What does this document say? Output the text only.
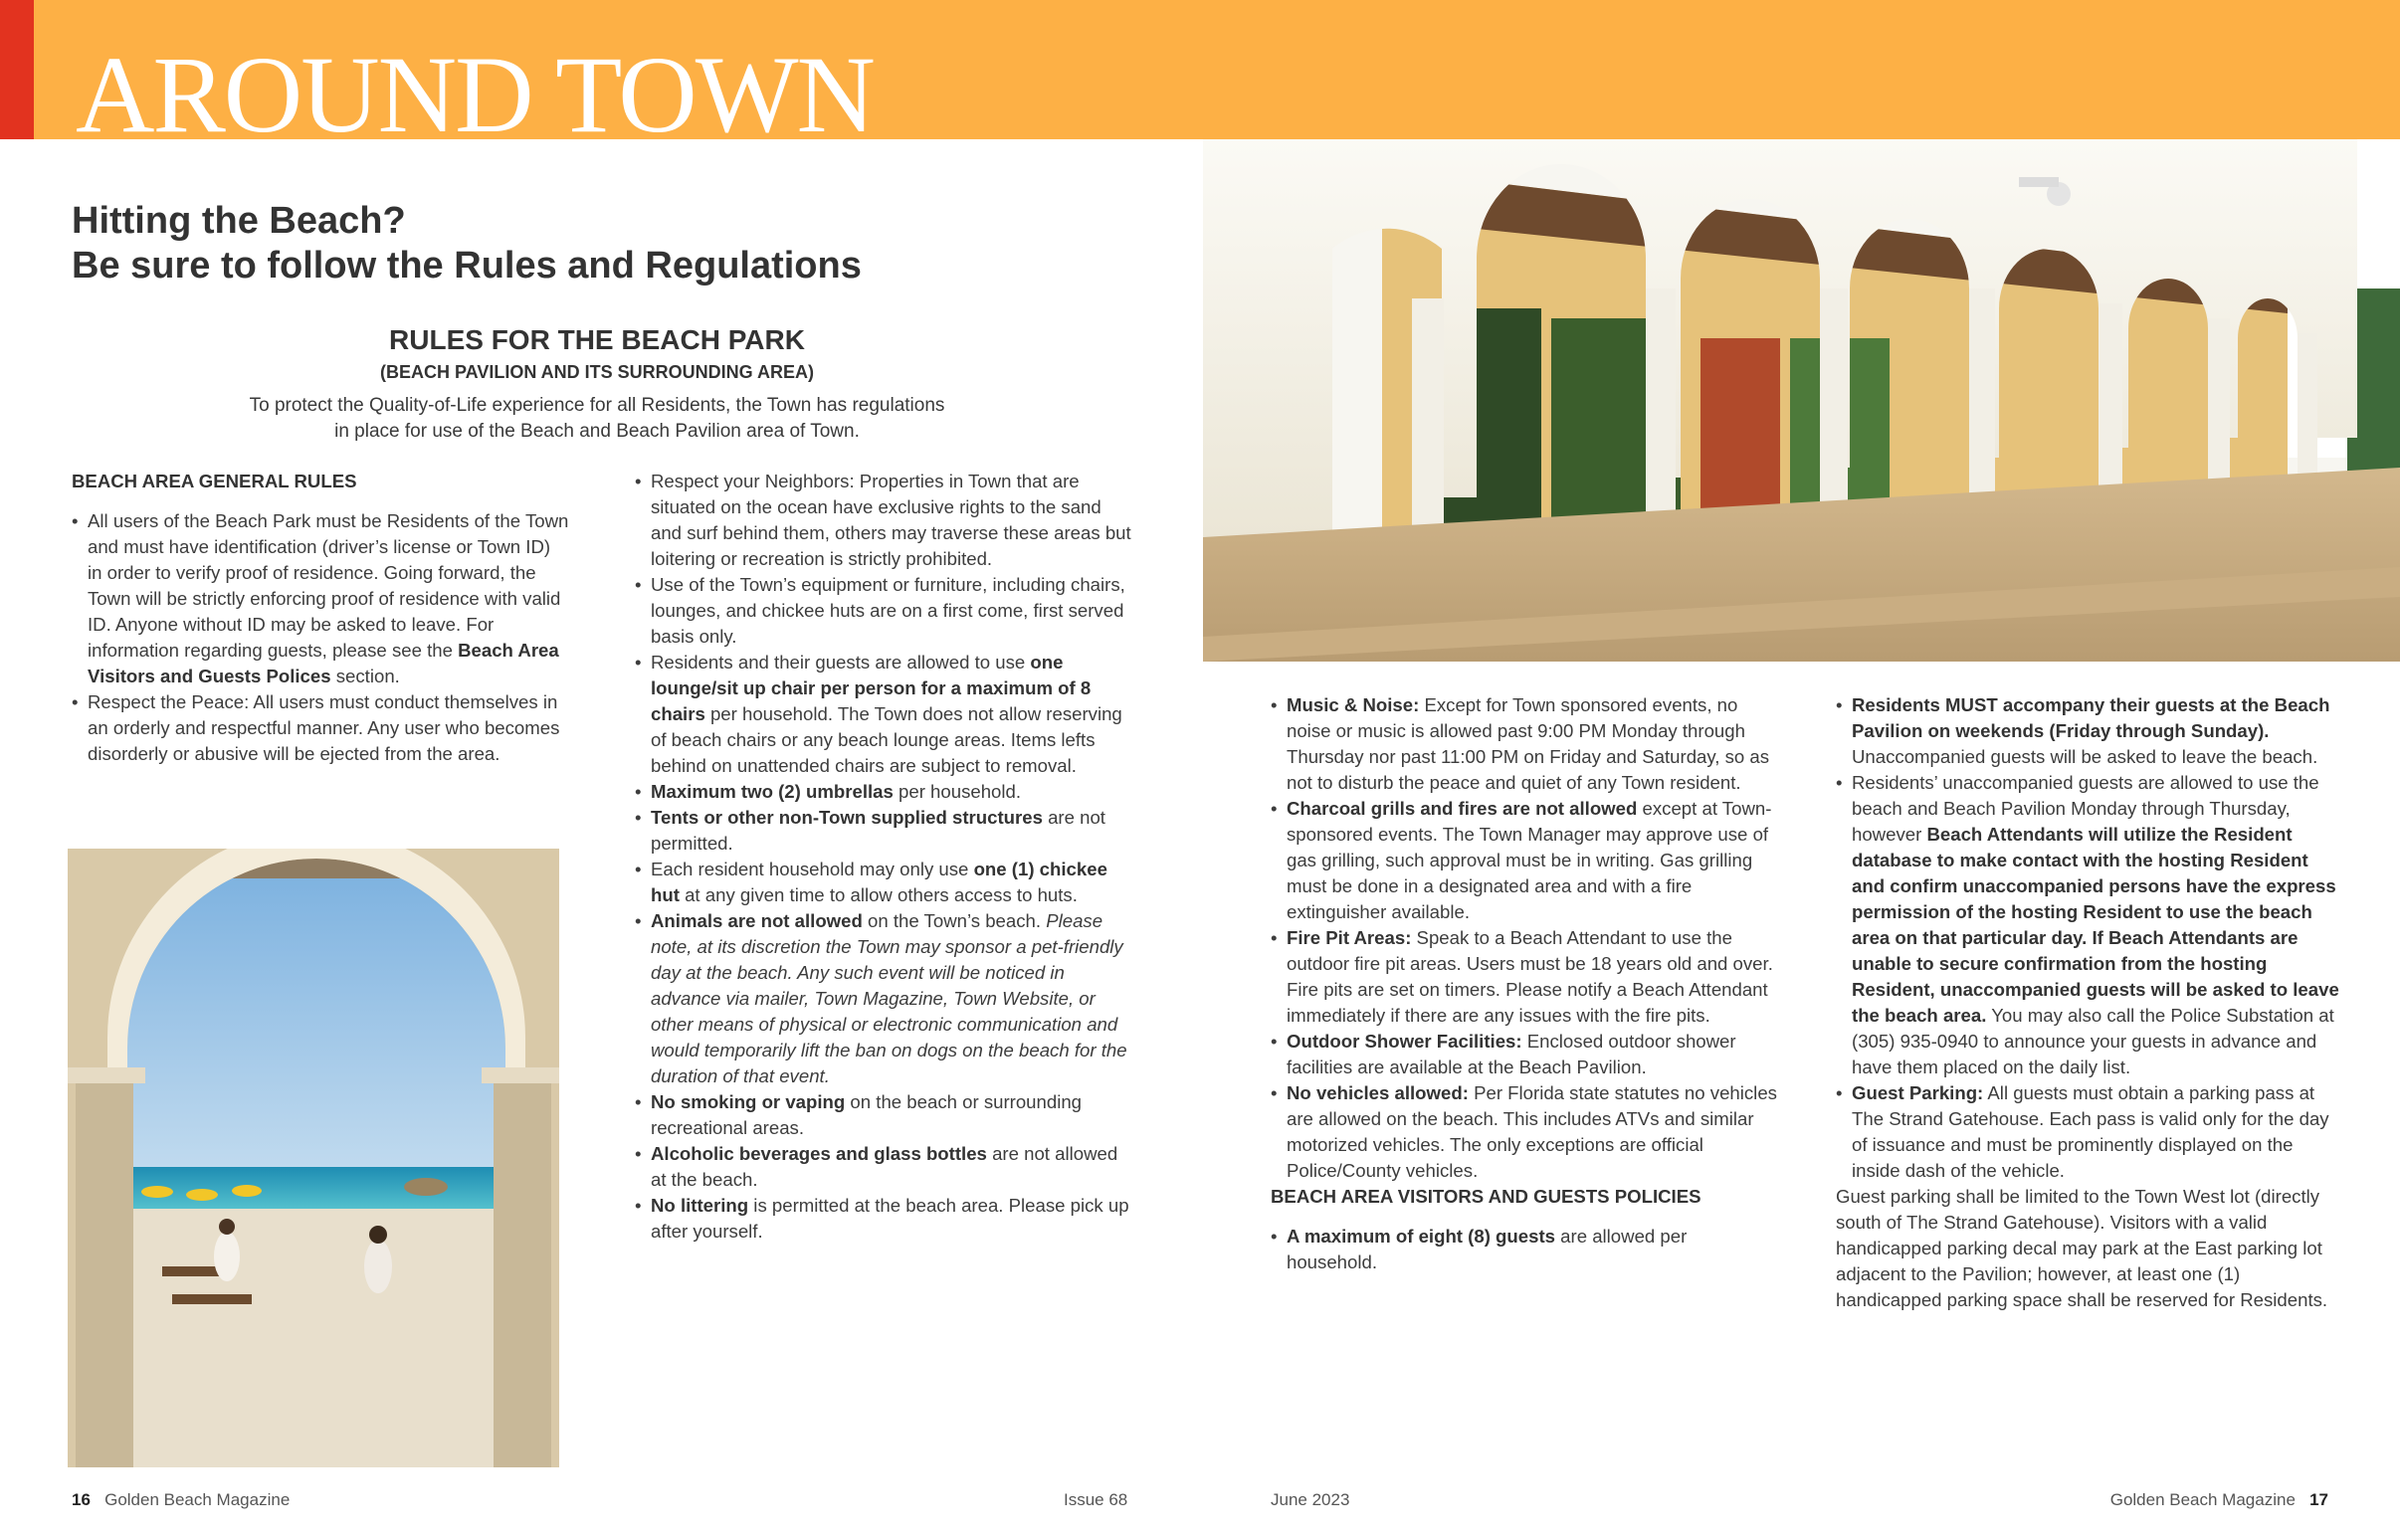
AROUND TOWN
Hitting the Beach?
Be sure to follow the Rules and Regulations
RULES FOR THE BEACH PARK
(BEACH PAVILION AND ITS SURROUNDING AREA)
To protect the Quality-of-Life experience for all Residents, the Town has regulations
in place for use of the Beach and Beach Pavilion area of Town.

BEACH AREA GENERAL RULES

• All users of the Beach Park must be Residents of the Town and must have identification (driver’s license or Town ID) in order to verify proof of residence. Going forward, the Town will be strictly enforcing proof of residence with valid ID. Anyone without ID may be asked to leave. For information regarding guests, please see the Beach Area Visitors and Guests Polices section.

• Respect the Peace: All users must conduct themselves in an orderly and respectful manner. Any user who becomes disorderly or abusive will be ejected from the area.

• Respect your Neighbors: Properties in Town that are situated on the ocean have exclusive rights to the sand and surf behind them, others may traverse these areas but loitering or recreation is strictly prohibited.

• Use of the Town’s equipment or furniture, including chairs, lounges, and chickee huts are on a first come, first served basis only.

• Residents and their guests are allowed to use one lounge/sit up chair per person for a maximum of 8 chairs per household. The Town does not allow reserving of beach chairs or any beach lounge areas. Items lefts behind on unattended chairs are subject to removal.

• Maximum two (2) umbrellas per household.

• Tents or other non-Town supplied structures are not permitted.

• Each resident household may only use one (1) chickee hut at any given time to allow others access to huts.

• Animals are not allowed on the Town’s beach. Please note, at its discretion the Town may sponsor a pet-friendly day at the beach. Any such event will be noticed in advance via mailer, Town Magazine, Town Website, or other means of physical or electronic communication and would temporarily lift the ban on dogs on the beach for the duration of that event.

• No smoking or vaping on the beach or surrounding recreational areas.

• Alcoholic beverages and glass bottles are not allowed at the beach.

• No littering is permitted at the beach area. Please pick up after yourself.

• Music & Noise: Except for Town sponsored events, no noise or music is allowed past 9:00 PM Monday through Thursday nor past 11:00 PM on Friday and Saturday, so as not to disturb the peace and quiet of any Town resident.

• Charcoal grills and fires are not allowed except at Town-sponsored events. The Town Manager may approve use of gas grilling, such approval must be in writing. Gas grilling must be done in a designated area and with a fire extinguisher available.

• Fire Pit Areas: Speak to a Beach Attendant to use the outdoor fire pit areas. Users must be 18 years old and over. Fire pits are set on timers. Please notify a Beach Attendant immediately if there are any issues with the fire pits.

• Outdoor Shower Facilities: Enclosed outdoor shower facilities are available at the Beach Pavilion.

• No vehicles allowed: Per Florida state statutes no vehicles are allowed on the beach. This includes ATVs and similar motorized vehicles. The only exceptions are official Police/County vehicles.

BEACH AREA VISITORS AND GUESTS POLICIES

• A maximum of eight (8) guests are allowed per household.

• Residents MUST accompany their guests at the Beach Pavilion on weekends (Friday through Sunday). Unaccompanied guests will be asked to leave the beach.

• Residents’ unaccompanied guests are allowed to use the beach and Beach Pavilion Monday through Thursday, however Beach Attendants will utilize the Resident database to make contact with the hosting Resident and confirm unaccompanied persons have the express permission of the hosting Resident to use the beach area on that particular day. If Beach Attendants are unable to secure confirmation from the hosting Resident, unaccompanied guests will be asked to leave the beach area. You may also call the Police Substation at (305) 935-0940 to announce your guests in advance and have them placed on the daily list.

• Guest Parking: All guests must obtain a parking pass at The Strand Gatehouse. Each pass is valid only for the day of issuance and must be prominently displayed on the inside dash of the vehicle.

Guest parking shall be limited to the Town West lot (directly south of The Strand Gatehouse). Visitors with a valid handicapped parking decal may park at the East parking lot adjacent to the Pavilion; however, at least one (1) handicapped parking space shall be reserved for Residents.

16 Golden Beach Magazine	Issue 68	June 2023	Golden Beach Magazine 17
